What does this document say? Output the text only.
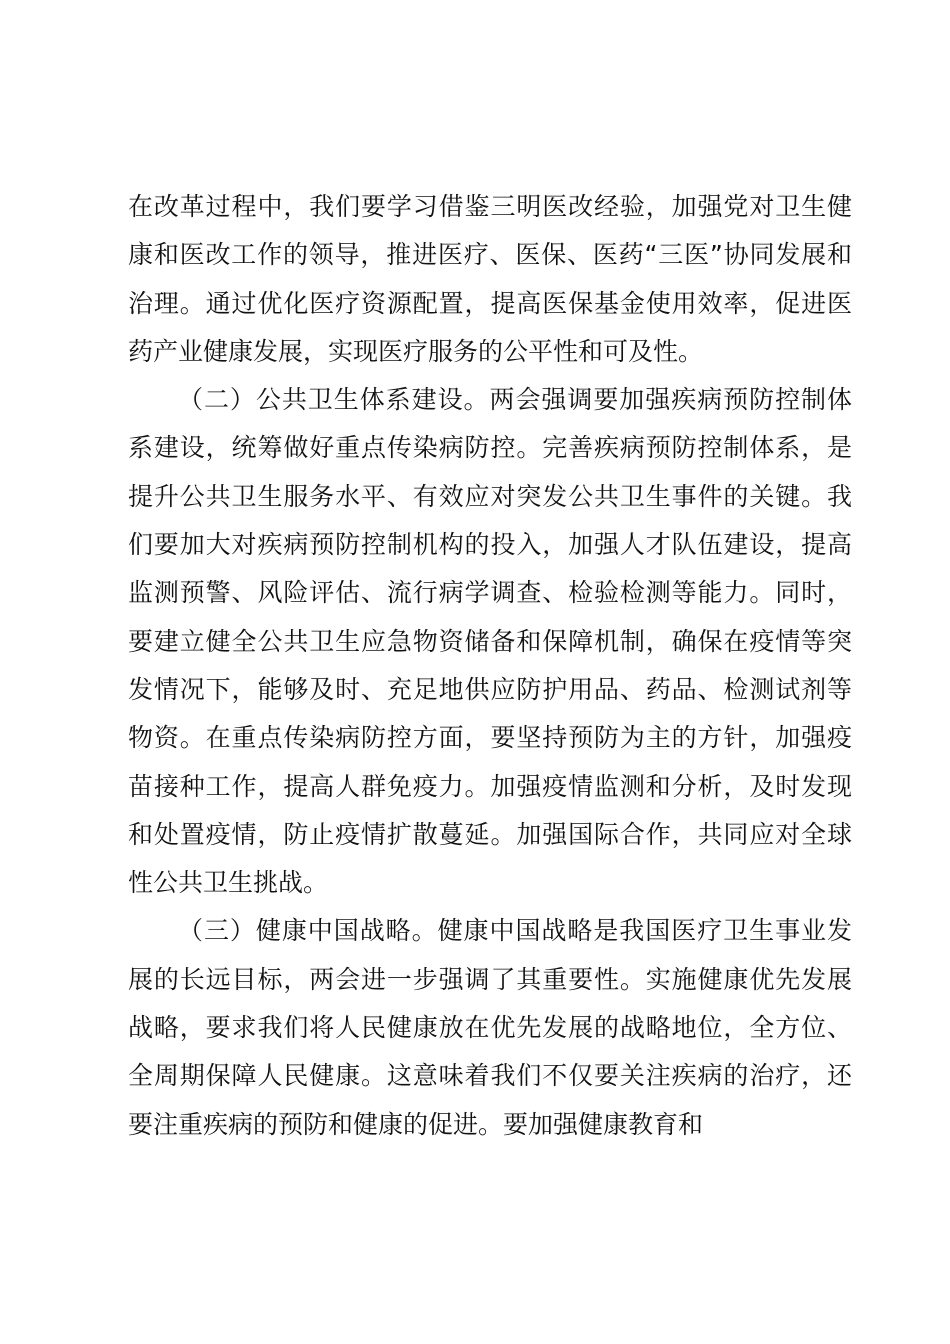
在改革过程中，我们要学习借鉴三明医改经验，加强党对卫生健康和医改工作的领导，推进医疗、医保、医药“三医”协同发展和治理。通过优化医疗资源配置，提高医保基金使用效率，促进医药产业健康发展，实现医疗服务的公平性和可及性。

（二）公共卫生体系建设。两会强调要加强疾病预防控制体系建设，统筹做好重点传染病防控。完善疾病预防控制体系，是提升公共卫生服务水平、有效应对突发公共卫生事件的关键。我们要加大对疾病预防控制机构的投入，加强人才队伍建设，提高监测预警、风险评估、流行病学调查、检验检测等能力。同时，要建立健全公共卫生应急物资储备和保障机制，确保在疫情等突发情况下，能够及时、充足地供应防护用品、药品、检测试剂等物资。在重点传染病防控方面，要坚持预防为主的方针，加强疫苗接种工作，提高人群免疫力。加强疫情监测和分析，及时发现和处置疫情，防止疫情扩散蔓延。加强国际合作，共同应对全球性公共卫生挑战。

（三）健康中国战略。健康中国战略是我国医疗卫生事业发展的长远目标，两会进一步强调了其重要性。实施健康优先发展战略，要求我们将人民健康放在优先发展的战略地位，全方位、全周期保障人民健康。这意味着我们不仅要关注疾病的治疗，还要注重疾病的预防和健康的促进。要加强健康教育和
